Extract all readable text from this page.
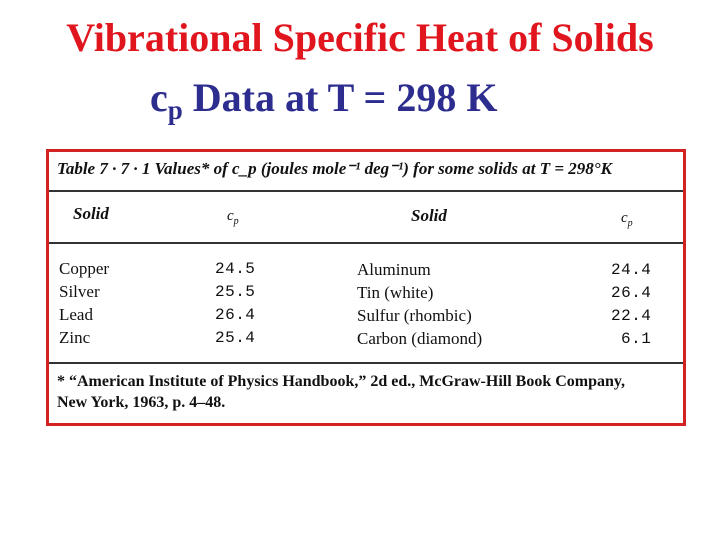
Vibrational Specific Heat of Solids
$c_p$ Data at T = 298 K
Table 7 · 7 · 1 Values* of c_p (joules mole⁻¹ deg⁻¹) for some solids at T = 298°K
Solid	$c_p$	Solid	$c_p$
Copper	24.5	Aluminum	24.4
Silver	25.5	Tin (white)	26.4
Lead	26.4	Sulfur (rhombic)	22.4
Zinc	25.4	Carbon (diamond)	6.1
* “American Institute of Physics Handbook,” 2d ed., McGraw-Hill Book Company,
New York, 1963, p. 4–48.
